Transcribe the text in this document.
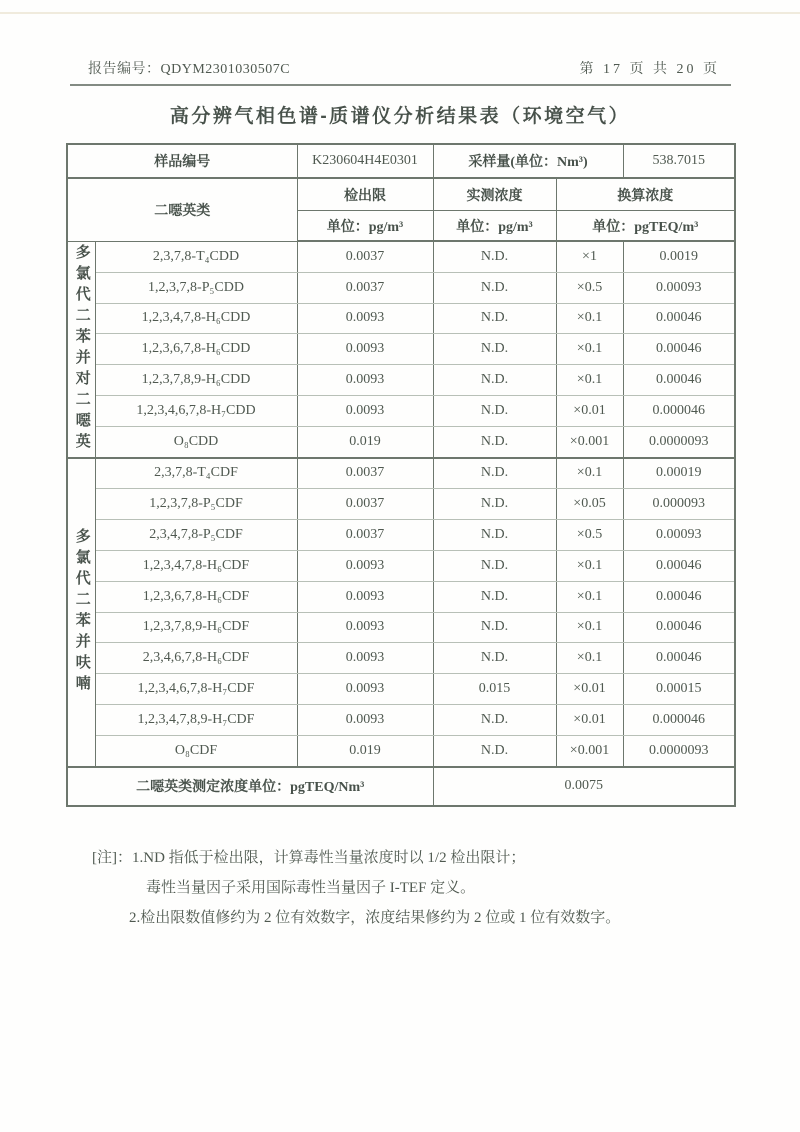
报告编号：QDYM2301030507C	第 17 页 共 20 页
高分辨气相色谱-质谱仪分析结果表（环境空气）
样品编号		K230604H4E0301	采样量(单位：Nm³)		538.7015
二噁英类		检出限	实测浓度	换算浓度	
		单位：pg/m³	单位：pg/m³	单位：pgTEQ/m³	

多氯代二苯并对二噁英	2,3,7,8-T₄CDD	0.0037	N.D.	×1	0.0019
	1,2,3,7,8-P₅CDD	0.0037	N.D.	×0.5	0.00093
	1,2,3,4,7,8-H₆CDD	0.0093	N.D.	×0.1	0.00046
	1,2,3,6,7,8-H₆CDD	0.0093	N.D.	×0.1	0.00046
	1,2,3,7,8,9-H₆CDD	0.0093	N.D.	×0.1	0.00046
	1,2,3,4,6,7,8-H₇CDD	0.0093	N.D.	×0.01	0.000046
	O₈CDD	0.019	N.D.	×0.001	0.0000093

多氯代二苯并呋喃	2,3,7,8-T₄CDF	0.0037	N.D.	×0.1	0.00019
	1,2,3,7,8-P₅CDF	0.0037	N.D.	×0.05	0.000093
	2,3,4,7,8-P₅CDF	0.0037	N.D.	×0.5	0.00093
	1,2,3,4,7,8-H₆CDF	0.0093	N.D.	×0.1	0.00046
	1,2,3,6,7,8-H₆CDF	0.0093	N.D.	×0.1	0.00046
	1,2,3,7,8,9-H₆CDF	0.0093	N.D.	×0.1	0.00046
	2,3,4,6,7,8-H₆CDF	0.0093	N.D.	×0.1	0.00046
	1,2,3,4,6,7,8-H₇CDF	0.0093	0.015	×0.01	0.00015
	1,2,3,4,7,8,9-H₇CDF	0.0093	N.D.	×0.01	0.000046
	O₈CDF	0.019	N.D.	×0.001	0.0000093
二噁英类测定浓度单位：pgTEQ/Nm³			0.0075		
[注]：1.ND 指低于检出限，计算毒性当量浓度时以 1/2 检出限计；
毒性当量因子采用国际毒性当量因子 I-TEF 定义。
2.检出限数值修约为 2 位有效数字，浓度结果修约为 2 位或 1 位有效数字。
